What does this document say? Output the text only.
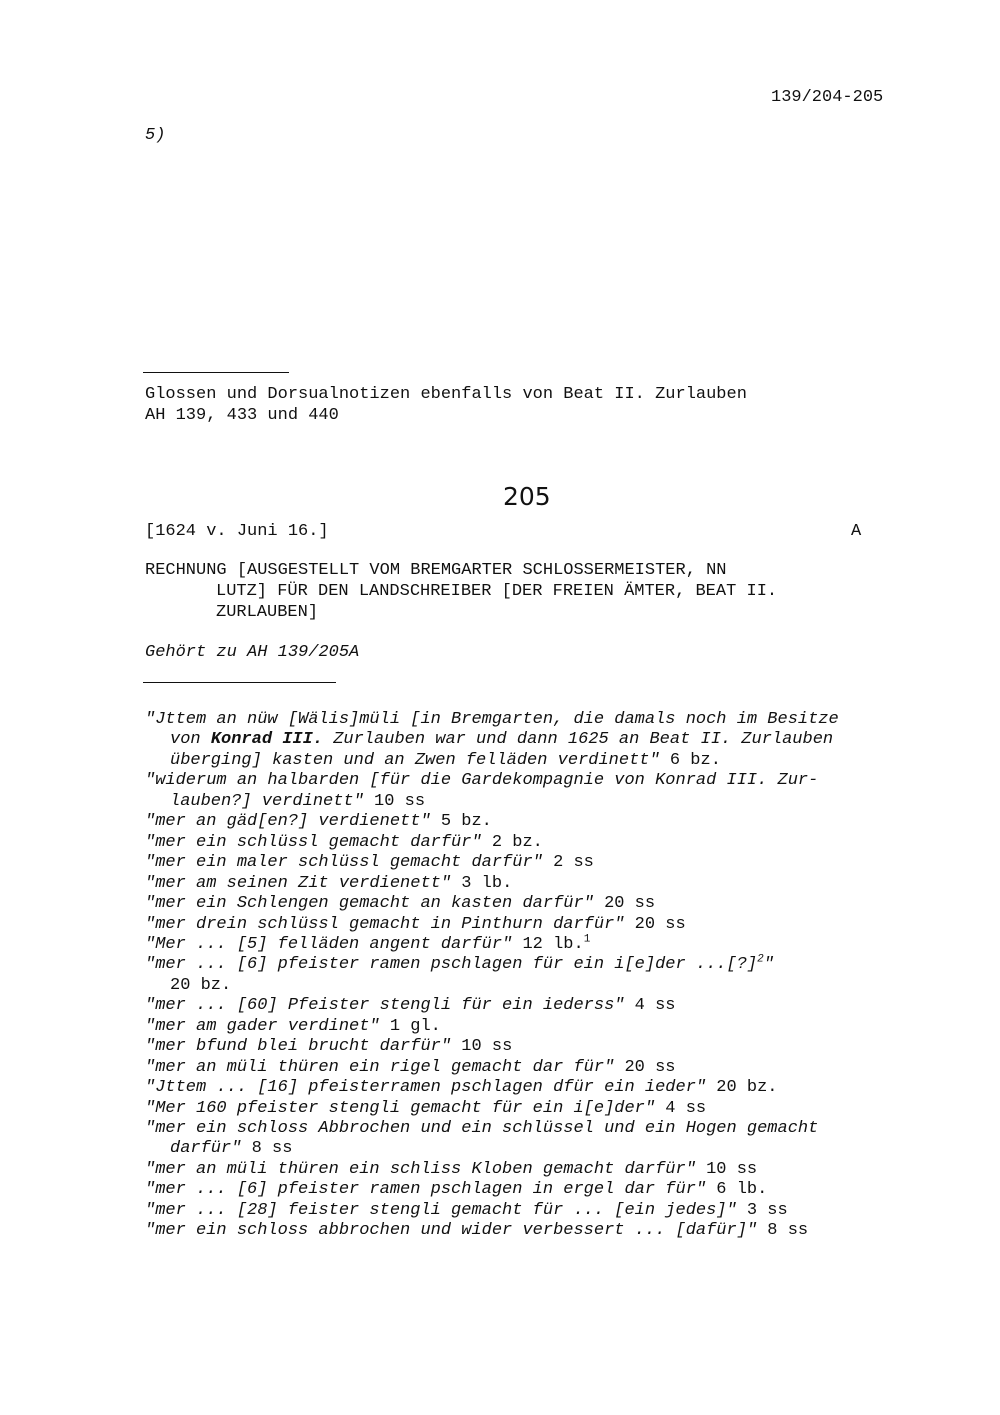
139/204-205
5)
Glossen und Dorsualnotizen ebenfalls von Beat II. Zurlauben
AH 139, 433 und 440
205
[1624 v. Juni 16.]	A
RECHNUNG [AUSGESTELLT VOM BREMGARTER SCHLOSSERMEISTER, NN
LUTZ] FÜR DEN LANDSCHREIBER [DER FREIEN ÄMTER, BEAT II.
ZURLAUBEN]
Gehört zu AH 139/205A
"Jttem an nüw [Wälis]müli [in Bremgarten, die damals noch im Besitze
von Konrad III. Zurlauben war und dann 1625 an Beat II. Zurlauben
überging] kasten und an Zwen felläden verdinett" 6 bz.
"widerum an halbarden [für die Gardekompagnie von Konrad III. Zur-
lauben?] verdinett" 10 ss
"mer an gäd[en?] verdienett" 5 bz.
"mer ein schlüssl gemacht darfür" 2 bz.
"mer ein maler schlüssl gemacht darfür" 2 ss
"mer am seinen Zit verdienett" 3 lb.
"mer ein Schlengen gemacht an kasten darfür" 20 ss
"mer drein schlüssl gemacht in Pinthurn darfür" 20 ss
"Mer ... [5] felläden angent darfür" 12 lb.$^1$
"mer ... [6] pfeister ramen pschlagen für ein i[e]der ...[?]$^2$"
20 bz.
"mer ... [60] Pfeister stengli für ein iederss" 4 ss
"mer am gader verdinet" 1 gl.
"mer bfund blei brucht darfür" 10 ss
"mer an müli thüren ein rigel gemacht dar für" 20 ss
"Jttem ... [16] pfeisterramen pschlagen dfür ein ieder" 20 bz.
"Mer 160 pfeister stengli gemacht für ein i[e]der" 4 ss
"mer ein schloss Abbrochen und ein schlüssel und ein Hogen gemacht
darfür" 8 ss
"mer an müli thüren ein schliss Kloben gemacht darfür" 10 ss
"mer ... [6] pfeister ramen pschlagen in ergel dar für" 6 lb.
"mer ... [28] feister stengli gemacht für ... [ein jedes]" 3 ss
"mer ein schloss abbrochen und wider verbessert ... [dafür]" 8 ss
